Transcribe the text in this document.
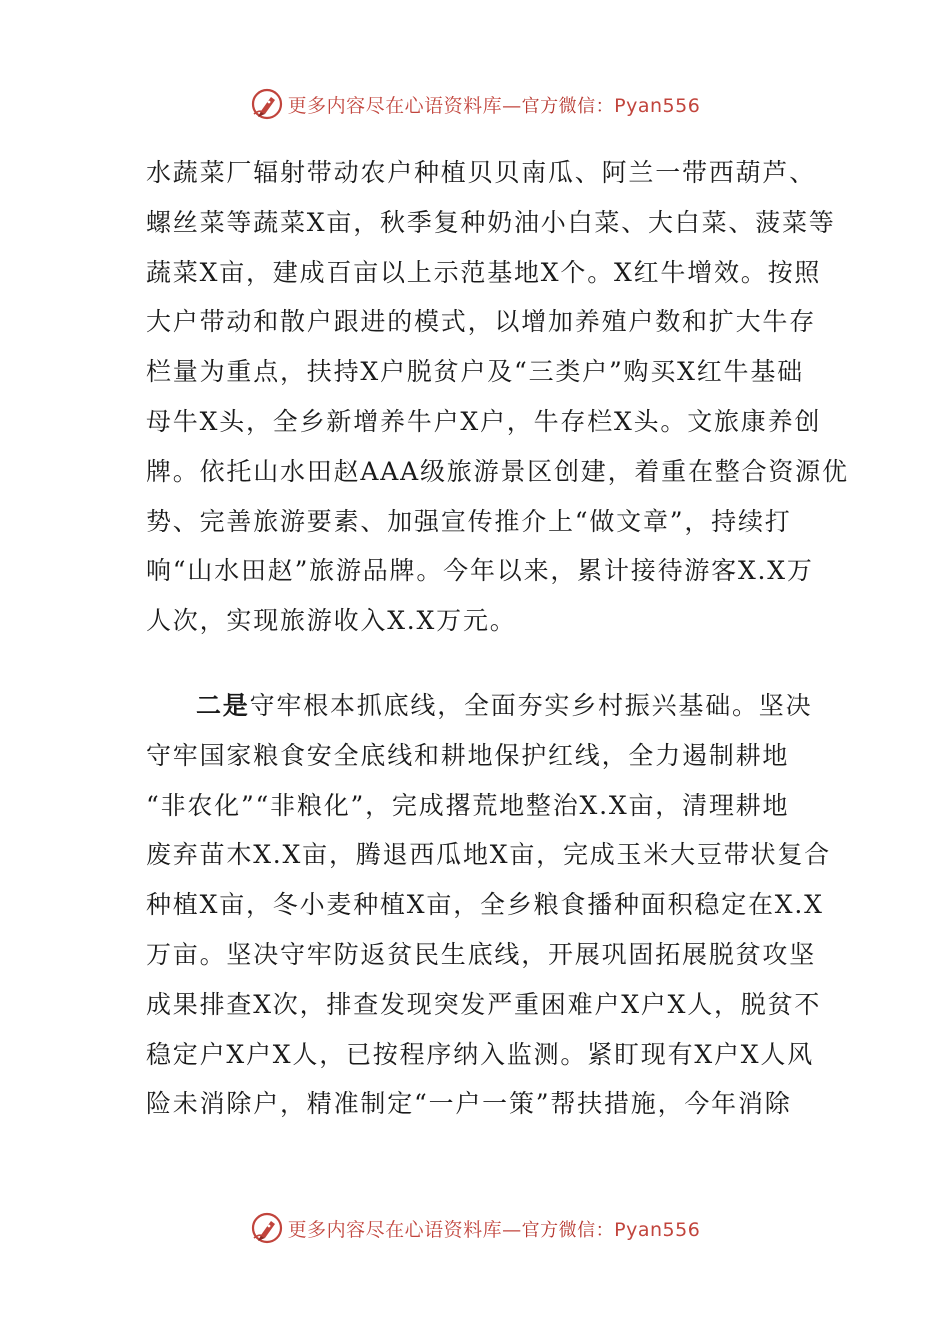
更多内容尽在心语资料库 — 官方微信： Pyan556
水蔬菜厂辐射带动农户种植贝贝南瓜、阿兰一带西葫芦、
螺丝菜等蔬菜X亩，秋季复种奶油小白菜、大白菜、菠菜等
蔬菜X亩，建成百亩以上示范基地X个。X红牛增效。按照
大户带动和散户跟进的模式，以增加养殖户数和扩大牛存
栏量为重点，扶持X户脱贫户及“三类户”购买X红牛基础
母牛X头，全乡新增养牛户X户，牛存栏X头。文旅康养创
牌。依托山水田赵AAA级旅游景区创建，着重在整合资源优
势、完善旅游要素、加强宣传推介上“做文章”，持续打
响“山水田赵”旅游品牌。今年以来，累计接待游客X.X万
人次，实现旅游收入X.X万元。
二是守牢根本抓底线，全面夯实乡村振兴基础。坚决
守牢国家粮食安全底线和耕地保护红线，全力遏制耕地
“非农化”“非粮化”，完成撂荒地整治X.X亩，清理耕地
废弃苗木X.X亩，腾退西瓜地X亩，完成玉米大豆带状复合
种植X亩，冬小麦种植X亩，全乡粮食播种面积稳定在X.X
万亩。坚决守牢防返贫民生底线，开展巩固拓展脱贫攻坚
成果排查X次，排查发现突发严重困难户X户X人，脱贫不
稳定户X户X人，已按程序纳入监测。紧盯现有X户X人风
险未消除户，精准制定“一户一策”帮扶措施，今年消除
更多内容尽在心语资料库 — 官方微信： Pyan556
